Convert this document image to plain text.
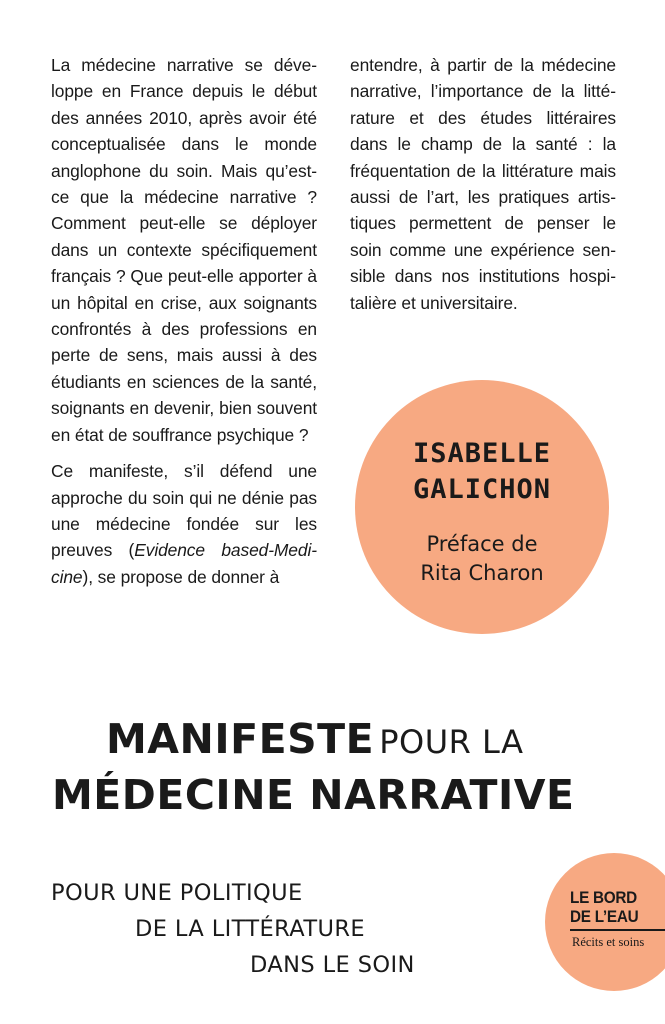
La médecine narrative se développe en France depuis le début des années 2010, après avoir été conceptualisée dans le monde anglophone du soin. Mais qu’est-ce que la médecine narrative ? Comment peut-elle se déployer dans un contexte spécifiquement français ? Que peut-elle apporter à un hôpital en crise, aux soignants confrontés à des professions en perte de sens, mais aussi à des étudiants en sciences de la santé, soignants en devenir, bien souvent en état de souffrance psychique ?

Ce manifeste, s’il défend une approche du soin qui ne dénie pas une médecine fondée sur les preuves (Evidence based-Medicine), se propose de donner à

entendre, à partir de la médecine narrative, l’importance de la littérature et des études littéraires dans le champ de la santé : la fréquentation de la littérature mais aussi de l’art, les pratiques artistiques permettent de penser le soin comme une expérience sensible dans nos institutions hospitalière et universitaire.

ISABELLE
GALICHON
Préface de
Rita Charon
MANIFESTE POUR LA
MÉDECINE NARRATIVE
POUR UNE POLITIQUE
DE LA LITTÉRATURE
DANS LE SOIN
LE BORD
DE L’EAU
Récits et soins
